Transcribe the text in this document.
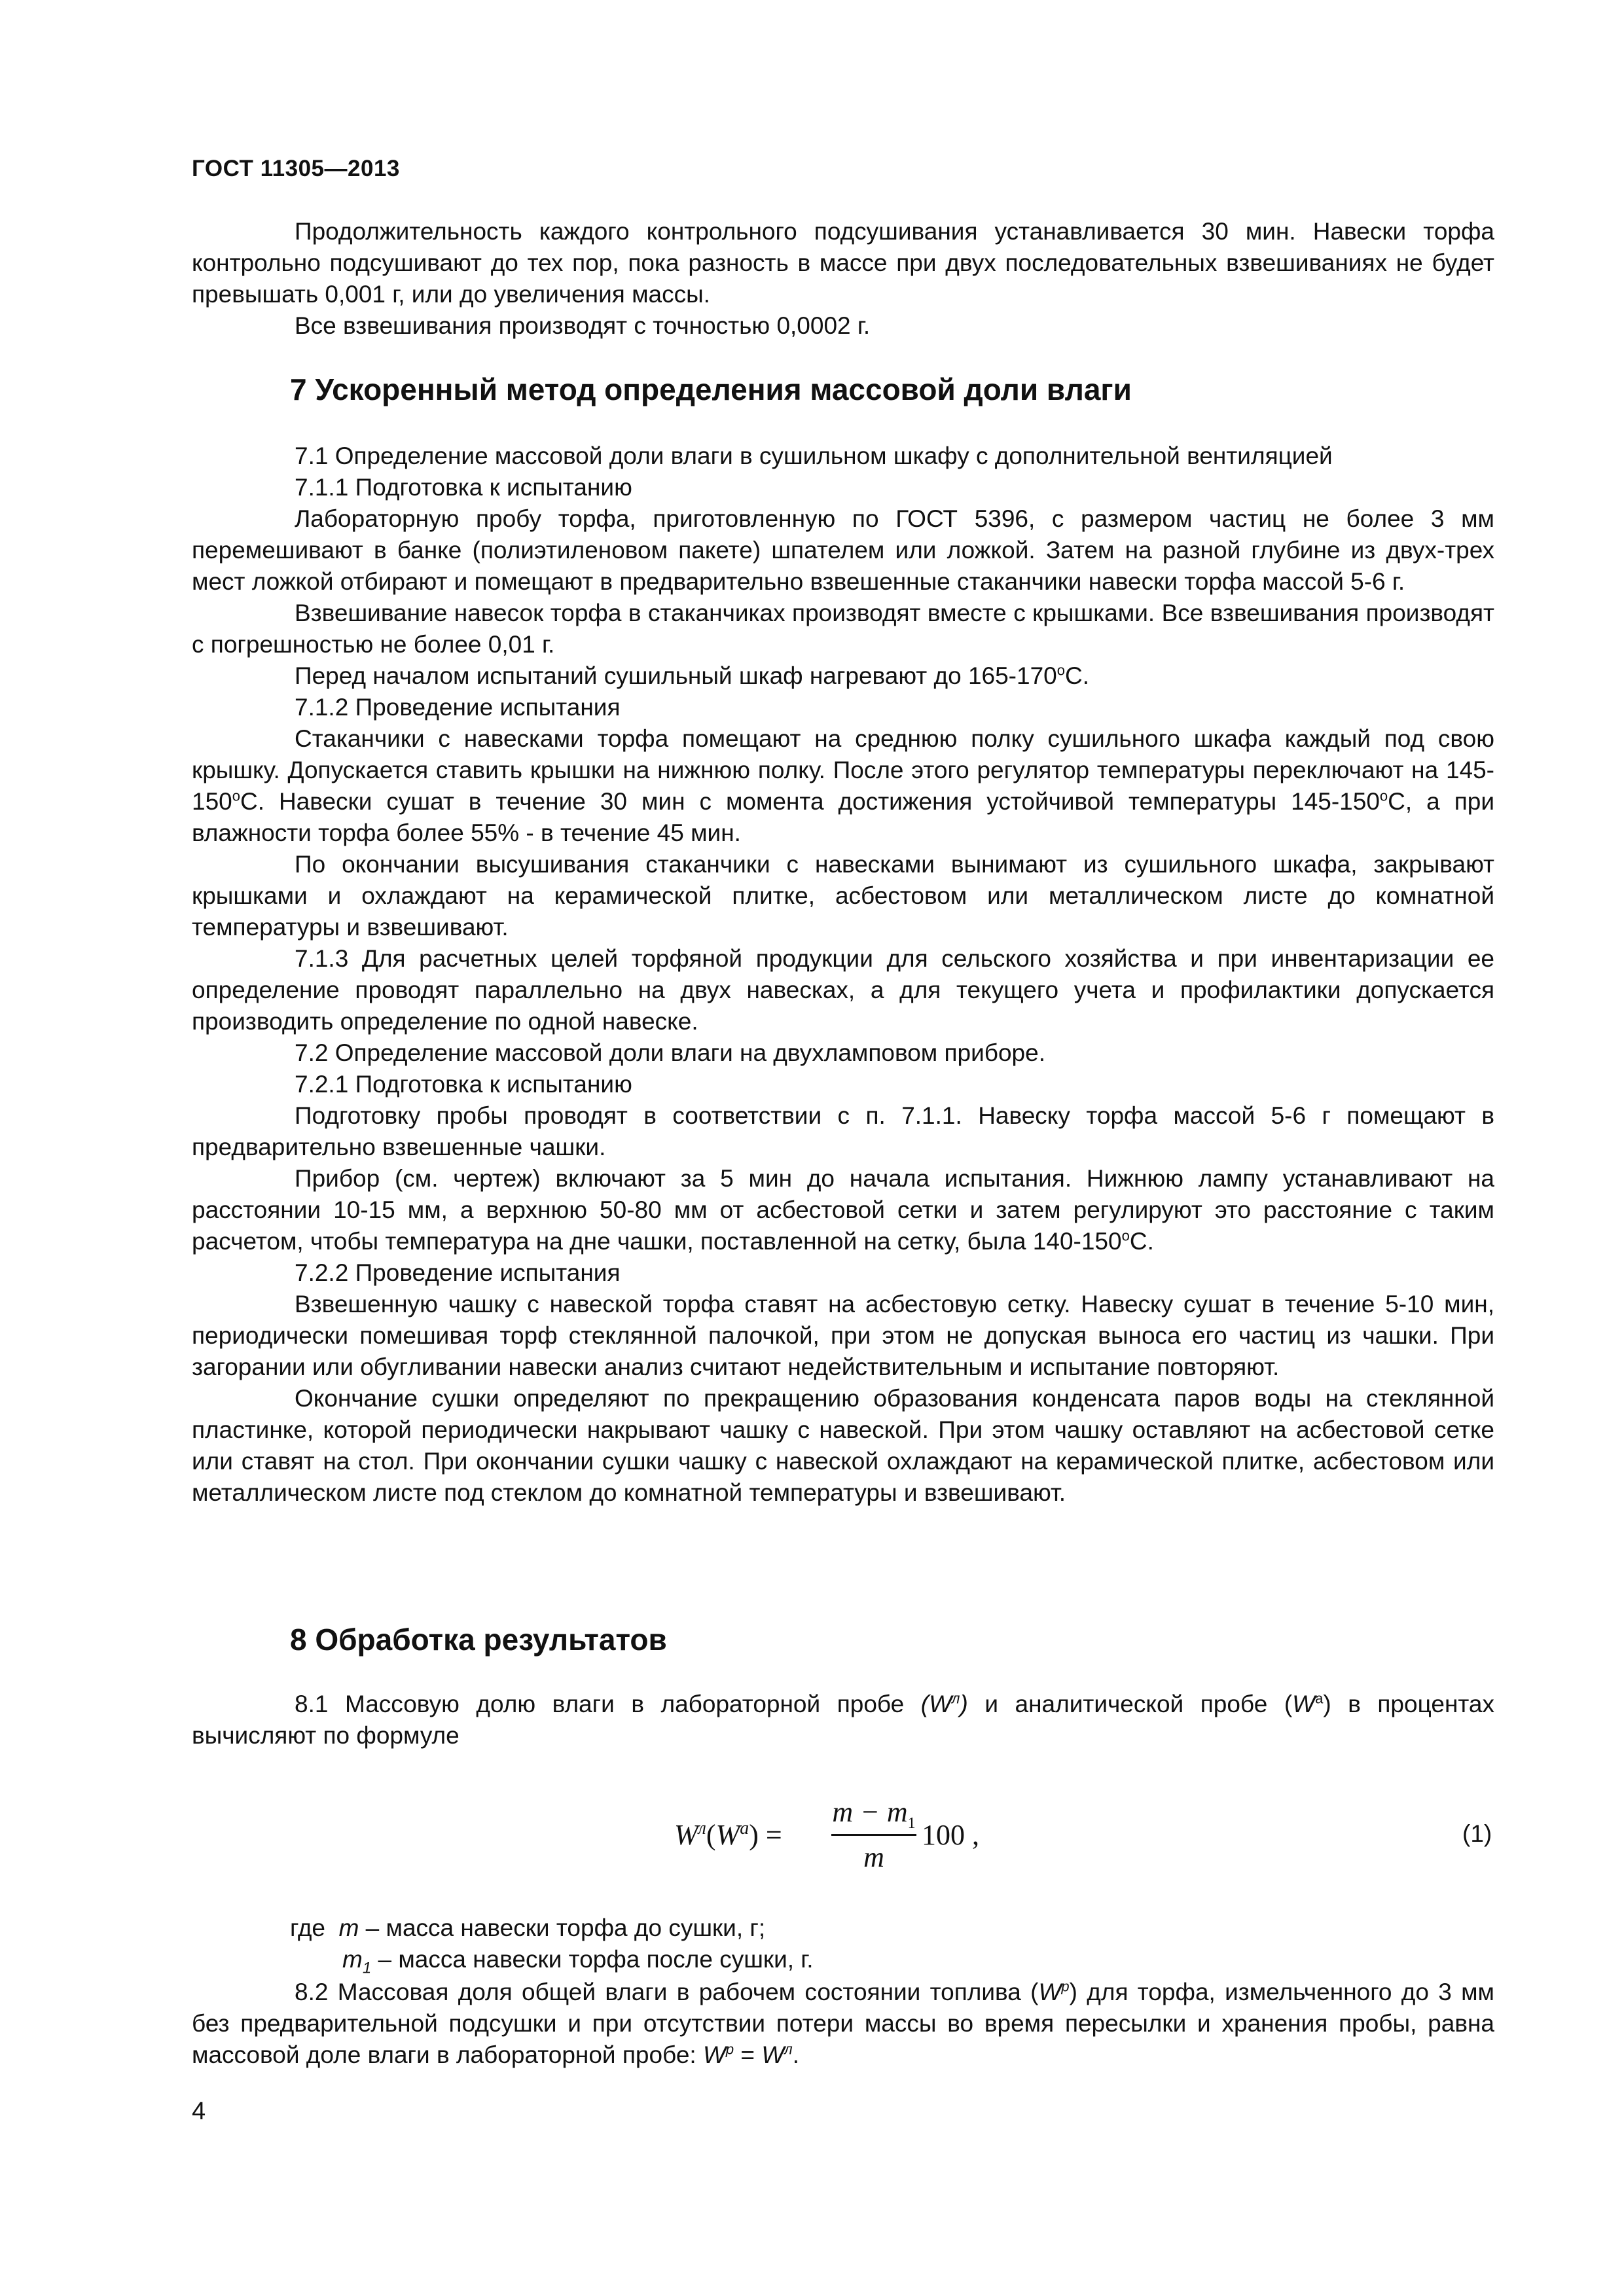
ГОСТ 11305—2013

Продолжительность каждого контрольного подсушивания устанавливается 30 мин. Навески торфа контрольно подсушивают до тех пор, пока разность в массе при двух последовательных взвешиваниях не будет превышать 0,001 г, или до увеличения массы.

Все взвешивания производят с точностью 0,0002 г.

7 Ускоренный метод определения массовой доли влаги

7.1 Определение массовой доли влаги в сушильном шкафу с дополнительной вентиляцией

7.1.1 Подготовка к испытанию

Лабораторную пробу торфа, приготовленную по ГОСТ 5396, с размером частиц не более 3 мм перемешивают в банке (полиэтиленовом пакете) шпателем или ложкой. Затем на разной глубине из двух-трех мест ложкой отбирают и помещают в предварительно взвешенные стаканчики навески торфа массой 5-6 г.

Взвешивание навесок торфа в стаканчиках производят вместе с крышками. Все взвешивания производят с погрешностью не более 0,01 г.

Перед началом испытаний сушильный шкаф нагревают до $165-170^оС$.

7.1.2 Проведение испытания

Стаканчики с навесками торфа помещают на среднюю полку сушильного шкафа каждый под свою крышку. Допускается ставить крышки на нижнюю полку. После этого регулятор температуры переключают на $145-150^оС$. Навески сушат в течение 30 мин с момента достижения устойчивой температуры $145-150^оС$, а при влажности торфа более 55% - в течение 45 мин.

По окончании высушивания стаканчики с навесками вынимают из сушильного шкафа, закрывают крышками и охлаждают на керамической плитке, асбестовом или металлическом листе до комнатной температуры и взвешивают.

7.1.3 Для расчетных целей торфяной продукции для сельского хозяйства и при инвентаризации ее определение проводят параллельно на двух навесках, а для текущего учета и профилактики допускается производить определение по одной навеске.

7.2 Определение массовой доли влаги на двухламповом приборе.

7.2.1 Подготовка к испытанию

Подготовку пробы проводят в соответствии с п. 7.1.1. Навеску торфа массой 5-6 г помещают в предварительно взвешенные чашки.

Прибор (см. чертеж) включают за 5 мин до начала испытания. Нижнюю лампу устанавливают на расстоянии 10-15 мм, а верхнюю 50-80 мм от асбестовой сетки и затем регулируют это расстояние с таким расчетом, чтобы температура на дне чашки, поставленной на сетку, была $140-150^оС$.

7.2.2 Проведение испытания

Взвешенную чашку с навеской торфа ставят на асбестовую сетку. Навеску сушат в течение 5-10 мин, периодически помешивая торф стеклянной палочкой, при этом не допуская выноса его частиц из чашки. При загорании или обугливании навески анализ считают недействительным и испытание повторяют.

Окончание сушки определяют по прекращению образования конденсата паров воды на стеклянной пластинке, которой периодически накрывают чашку с навеской. При этом чашку оставляют на асбестовой сетке или ставят на стол. При окончании сушки чашку с навеской охлаждают на керамической плитке, асбестовом или металлическом листе под стеклом до комнатной температуры и взвешивают.

8 Обработка результатов

8.1 Массовую долю влаги в лабораторной пробе $(W^л)$ и аналитической пробе $(W^а)$ в процентах вычисляют по формуле

$W^л(W^а)$ =
$m - m_1$
m
100 ,	(1)
где m – масса навески торфа до сушки, г;
$m_1$ – масса навески торфа после сушки, г.

8.2 Массовая доля общей влаги в рабочем состоянии топлива $(W^р)$ для торфа, измельченного до 3 мм без предварительной подсушки и при отсутствии потери массы во время пересылки и хранения пробы, равна массовой доле влаги в лабораторной пробе: $W^р = W^л$.

4
